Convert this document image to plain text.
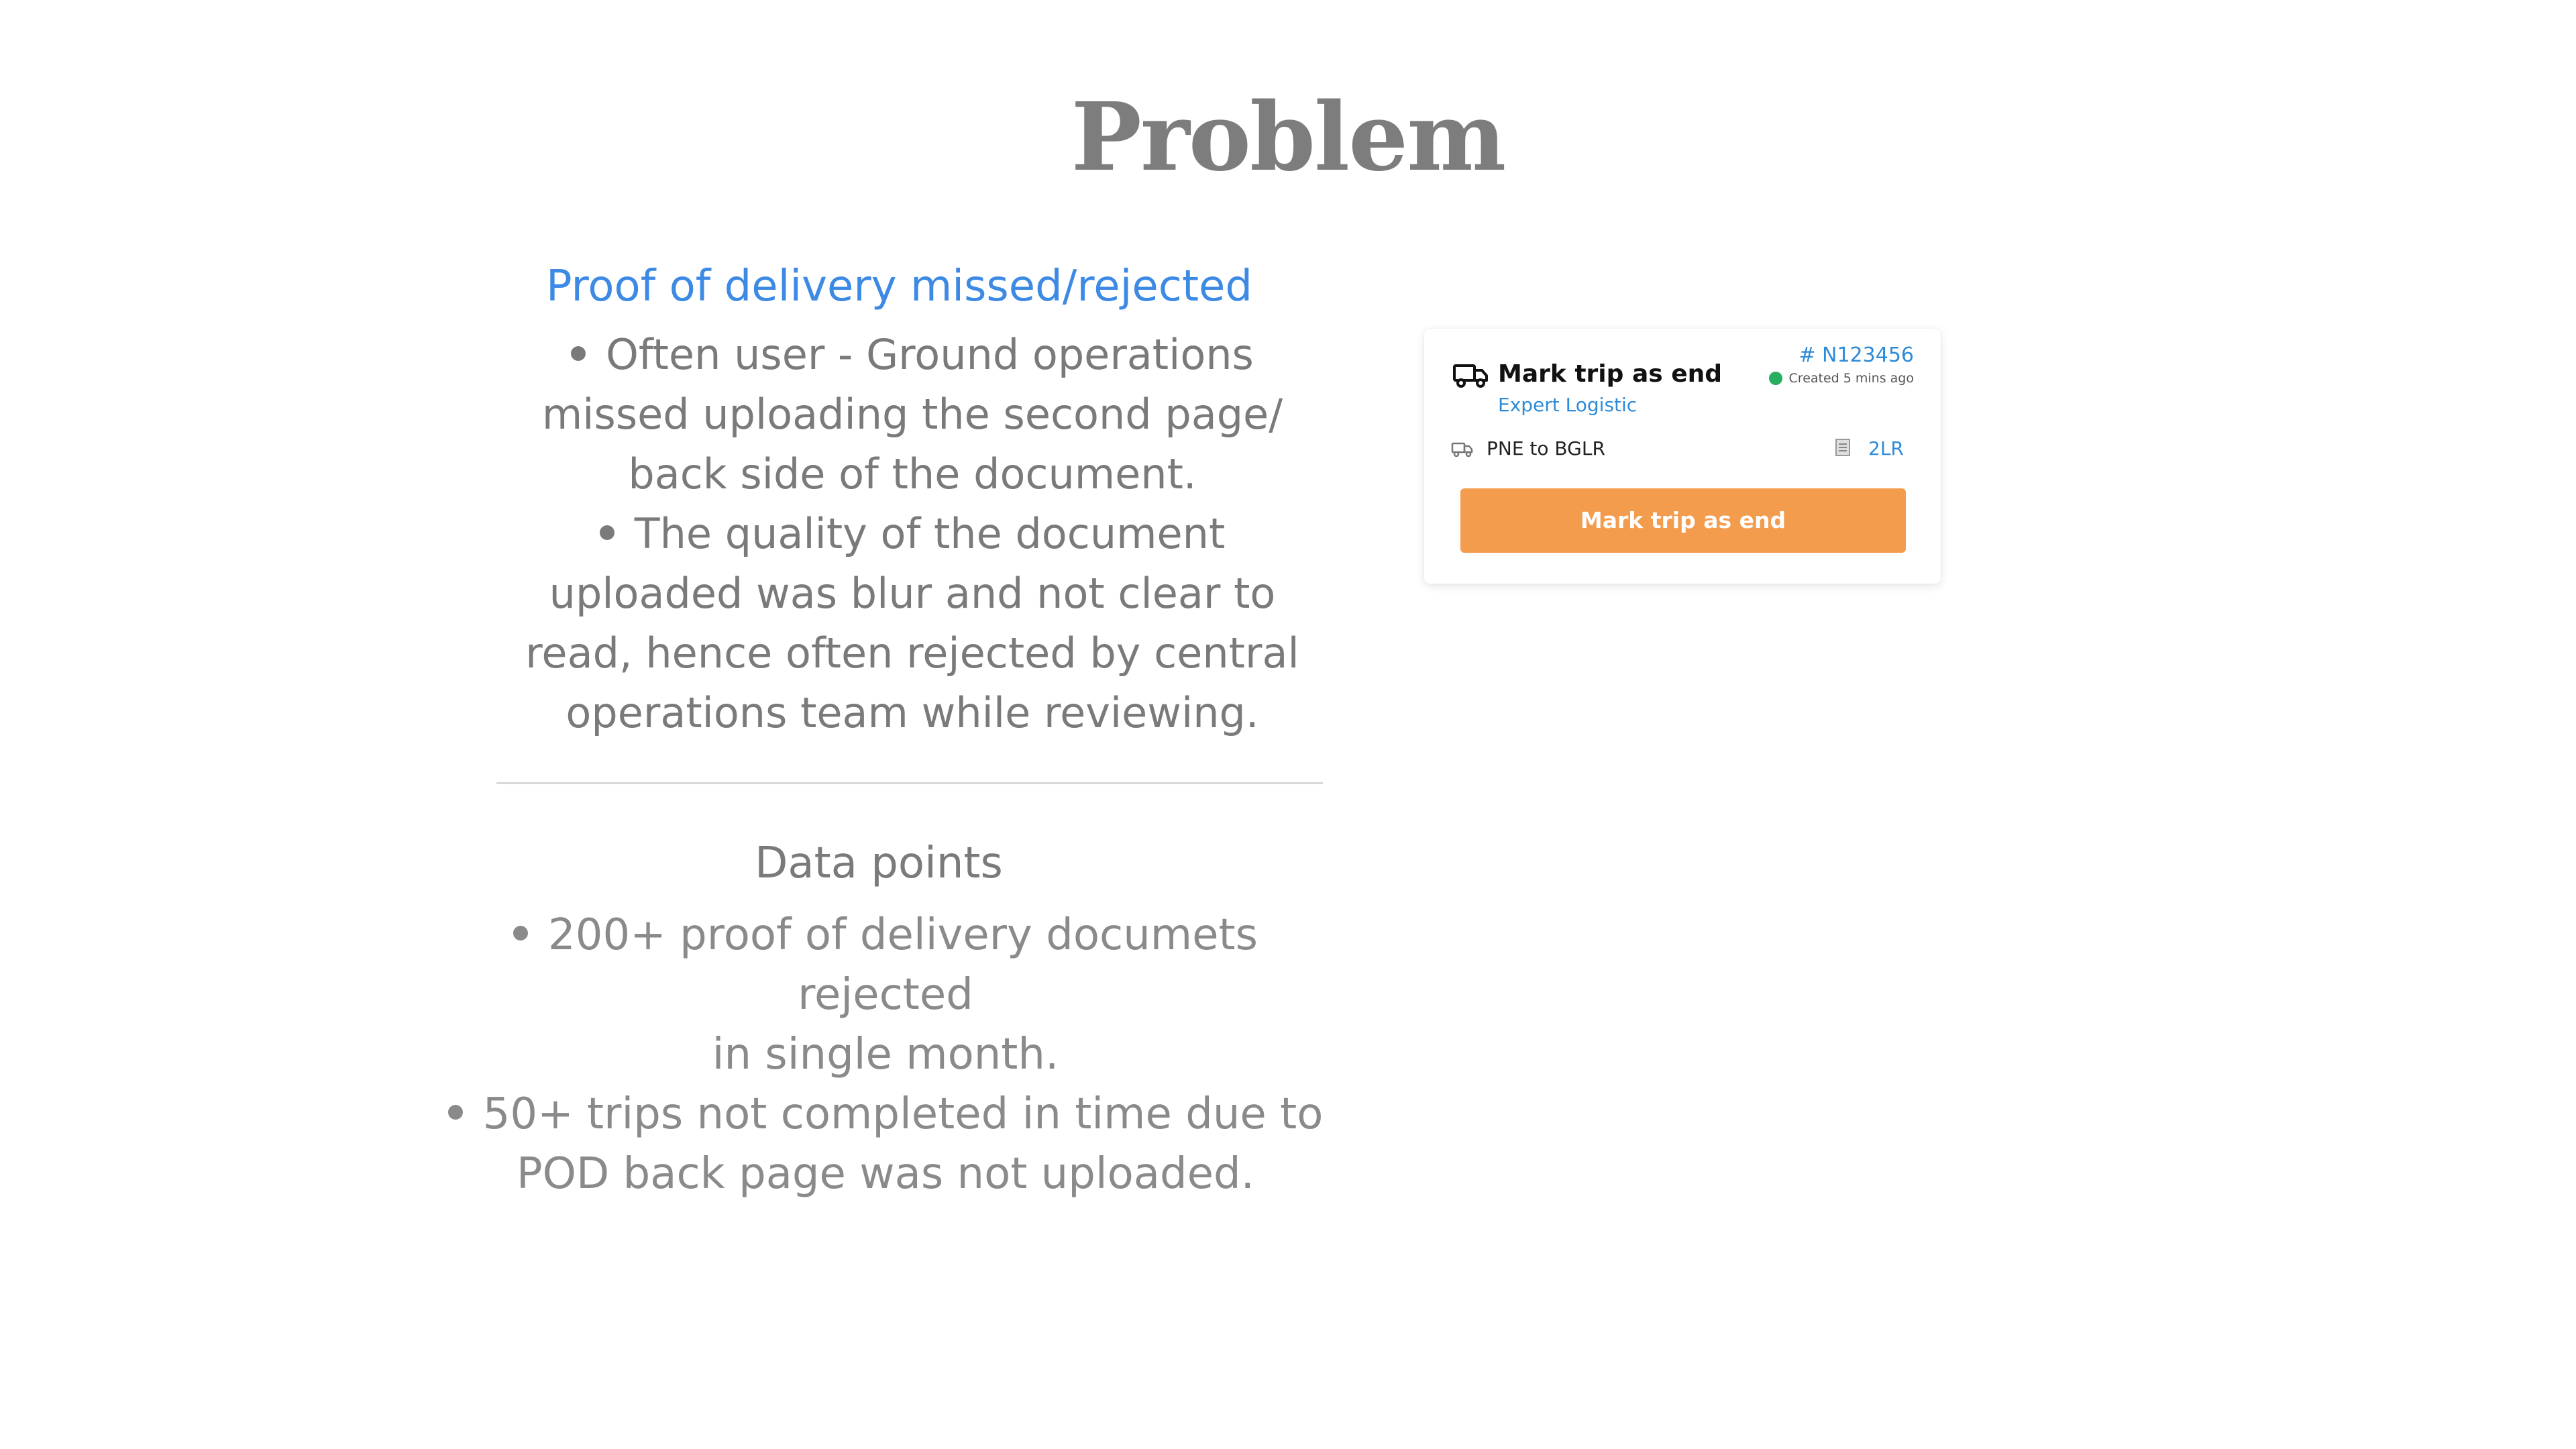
Problem
Proof of delivery missed/rejected
Often user - Ground operations
missed uploading the second page/
back side of the document.
The quality of the document
uploaded was blur and not clear to
read, hence often rejected by central
operations team while reviewing.
Data points
200+ proof of delivery documets rejected
in single month.
50+ trips not completed in time due to
POD back page was not uploaded.
Mark trip as end
Expert Logistic
# N123456
Created 5 mins ago
PNE to BGLR	2LR
Mark trip as end
